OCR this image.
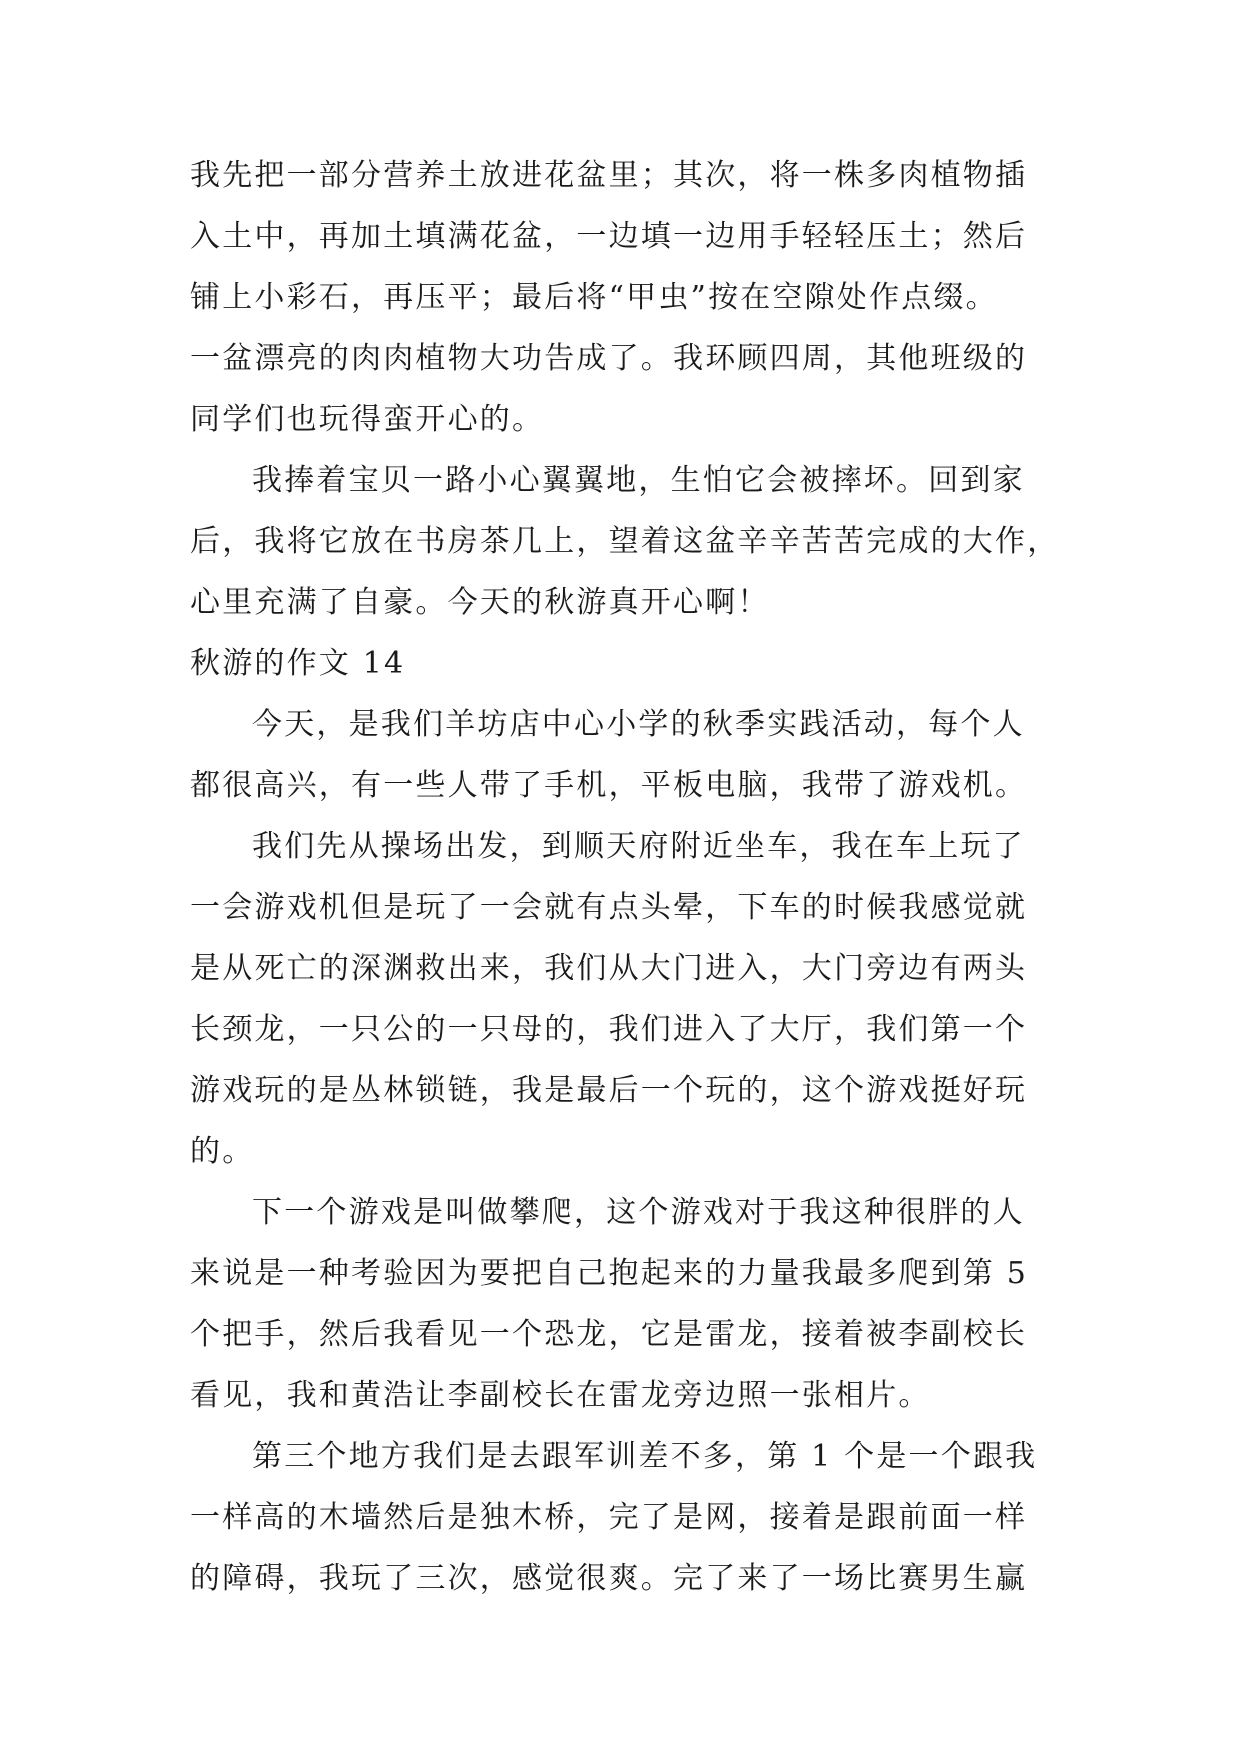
我先把一部分营养土放进花盆里；其次，将一株多肉植物插
入土中，再加土填满花盆，一边填一边用手轻轻压土；然后
铺上小彩石，再压平；最后将“甲虫”按在空隙处作点缀。
一盆漂亮的肉肉植物大功告成了。我环顾四周，其他班级的
同学们也玩得蛮开心的。
我捧着宝贝一路小心翼翼地，生怕它会被摔坏。回到家
后，我将它放在书房茶几上，望着这盆辛辛苦苦完成的大作，
心里充满了自豪。今天的秋游真开心啊！
秋游的作文 14
今天，是我们羊坊店中心小学的秋季实践活动，每个人
都很高兴，有一些人带了手机，平板电脑，我带了游戏机。
我们先从操场出发，到顺天府附近坐车，我在车上玩了
一会游戏机但是玩了一会就有点头晕，下车的时候我感觉就
是从死亡的深渊救出来，我们从大门进入，大门旁边有两头
长颈龙，一只公的一只母的，我们进入了大厅，我们第一个
游戏玩的是丛林锁链，我是最后一个玩的，这个游戏挺好玩
的。
下一个游戏是叫做攀爬，这个游戏对于我这种很胖的人
来说是一种考验因为要把自己抱起来的力量我最多爬到第 5
个把手，然后我看见一个恐龙，它是雷龙，接着被李副校长
看见，我和黄浩让李副校长在雷龙旁边照一张相片。
第三个地方我们是去跟军训差不多，第 1 个是一个跟我
一样高的木墙然后是独木桥，完了是网，接着是跟前面一样
的障碍，我玩了三次，感觉很爽。完了来了一场比赛男生赢
